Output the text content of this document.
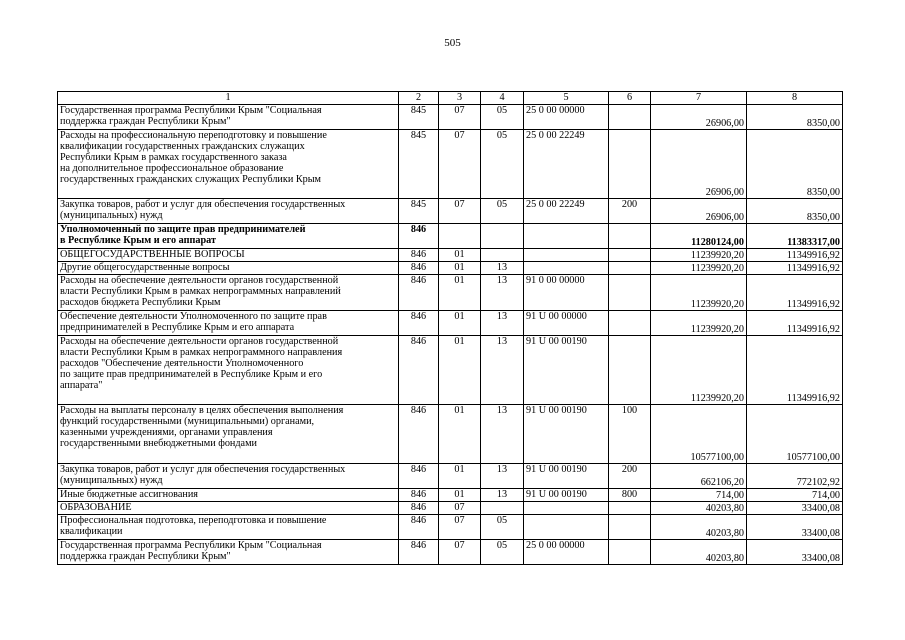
505
1	2	3	4	5	6	7	8

Государственная программа Республики Крым "Социальная
поддержка граждан Республики Крым"	845	07	05	25 0 00 00000		26906,00	8350,00

Расходы на профессиональную переподготовку и повышение
квалификации государственных гражданских служащих
Республики Крым в рамках государственного заказа
на дополнительное профессиональное образование
государственных гражданских служащих Республики Крым	845	07	05	25 0 00 22249		26906,00	8350,00

Закупка товаров, работ и услуг для обеспечения государственных
(муниципальных) нужд	845	07	05	25 0 00 22249	200	26906,00	8350,00

Уполномоченный по защите прав предпринимателей
в Республике Крым и его аппарат	846					11280124,00	11383317,00

ОБЩЕГОСУДАРСТВЕННЫЕ ВОПРОСЫ	846	01				11239920,20	11349916,92

Другие общегосударственные вопросы	846	01	13			11239920,20	11349916,92

Расходы на обеспечение деятельности органов государственной
власти Республики Крым в рамках непрограммных направлений
расходов бюджета Республики Крым	846	01	13	91 0 00 00000		11239920,20	11349916,92

Обеспечение деятельности Уполномоченного по защите прав
предпринимателей в Республике Крым и его аппарата	846	01	13	91 U 00 00000		11239920,20	11349916,92

Расходы на обеспечение деятельности органов государственной
власти Республики Крым в рамках непрограммного направления
расходов "Обеспечение деятельности Уполномоченного
по защите прав предпринимателей в Республике Крым и его
аппарата"	846	01	13	91 U 00 00190		11239920,20	11349916,92

Расходы на выплаты персоналу в целях обеспечения выполнения
функций государственными (муниципальными) органами,
казенными учреждениями, органами управления
государственными внебюджетными фондами	846	01	13	91 U 00 00190	100	10577100,00	10577100,00

Закупка товаров, работ и услуг для обеспечения государственных
(муниципальных) нужд	846	01	13	91 U 00 00190	200	662106,20	772102,92

Иные бюджетные ассигнования	846	01	13	91 U 00 00190	800	714,00	714,00

ОБРАЗОВАНИЕ	846	07				40203,80	33400,08

Профессиональная подготовка, переподготовка и повышение
квалификации	846	07	05			40203,80	33400,08

Государственная программа Республики Крым "Социальная
поддержка граждан Республики Крым"	846	07	05	25 0 00 00000		40203,80	33400,08
